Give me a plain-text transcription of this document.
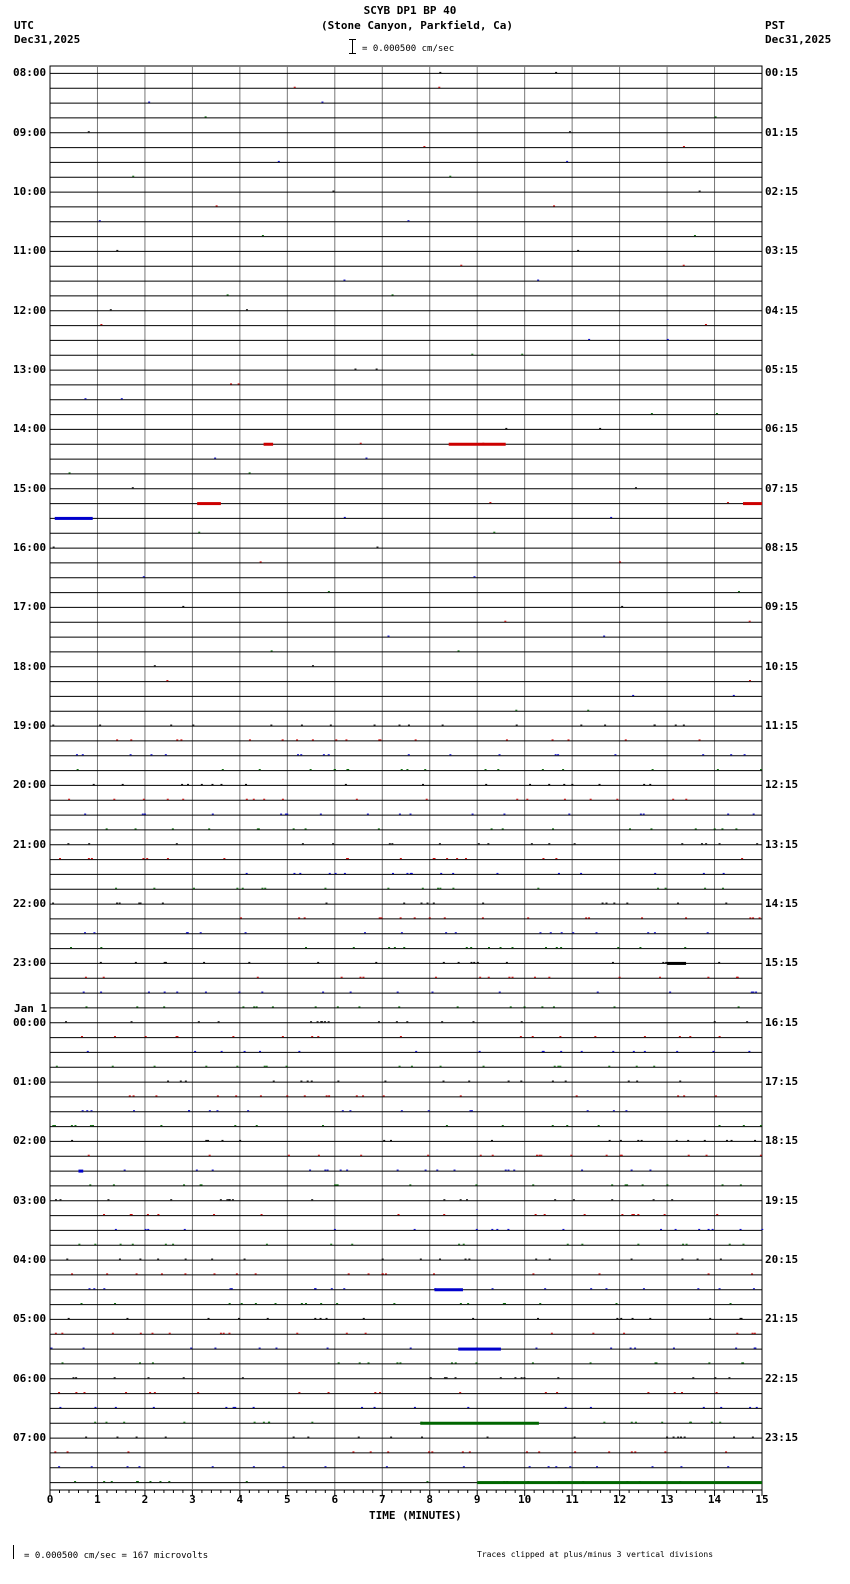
SCYB DP1 BP 40
(Stone Canyon, Parkfield, Ca)
= 0.000500 cm/sec
UTC
Dec31,2025
PST
Dec31,2025
0	1	2	3	4	5	6	7	8	9	10	11	12	13	14	15
08:00
09:00
10:00
11:00
12:00
13:00
14:00
15:00
16:00
17:00
18:00
19:00
20:00
21:00
22:00
23:00
00:00
01:00
02:00
03:00
04:00
05:00
06:00
07:00
00:15
01:15
02:15
03:15
04:15
05:15
06:15
07:15
08:15
09:15
10:15
11:15
12:15
13:15
14:15
15:15
16:15
17:15
18:15
19:15
20:15
21:15
22:15
23:15
Jan 1
TIME (MINUTES)
= 0.000500 cm/sec = 167 microvolts	Traces clipped at plus/minus 3 vertical divisions
